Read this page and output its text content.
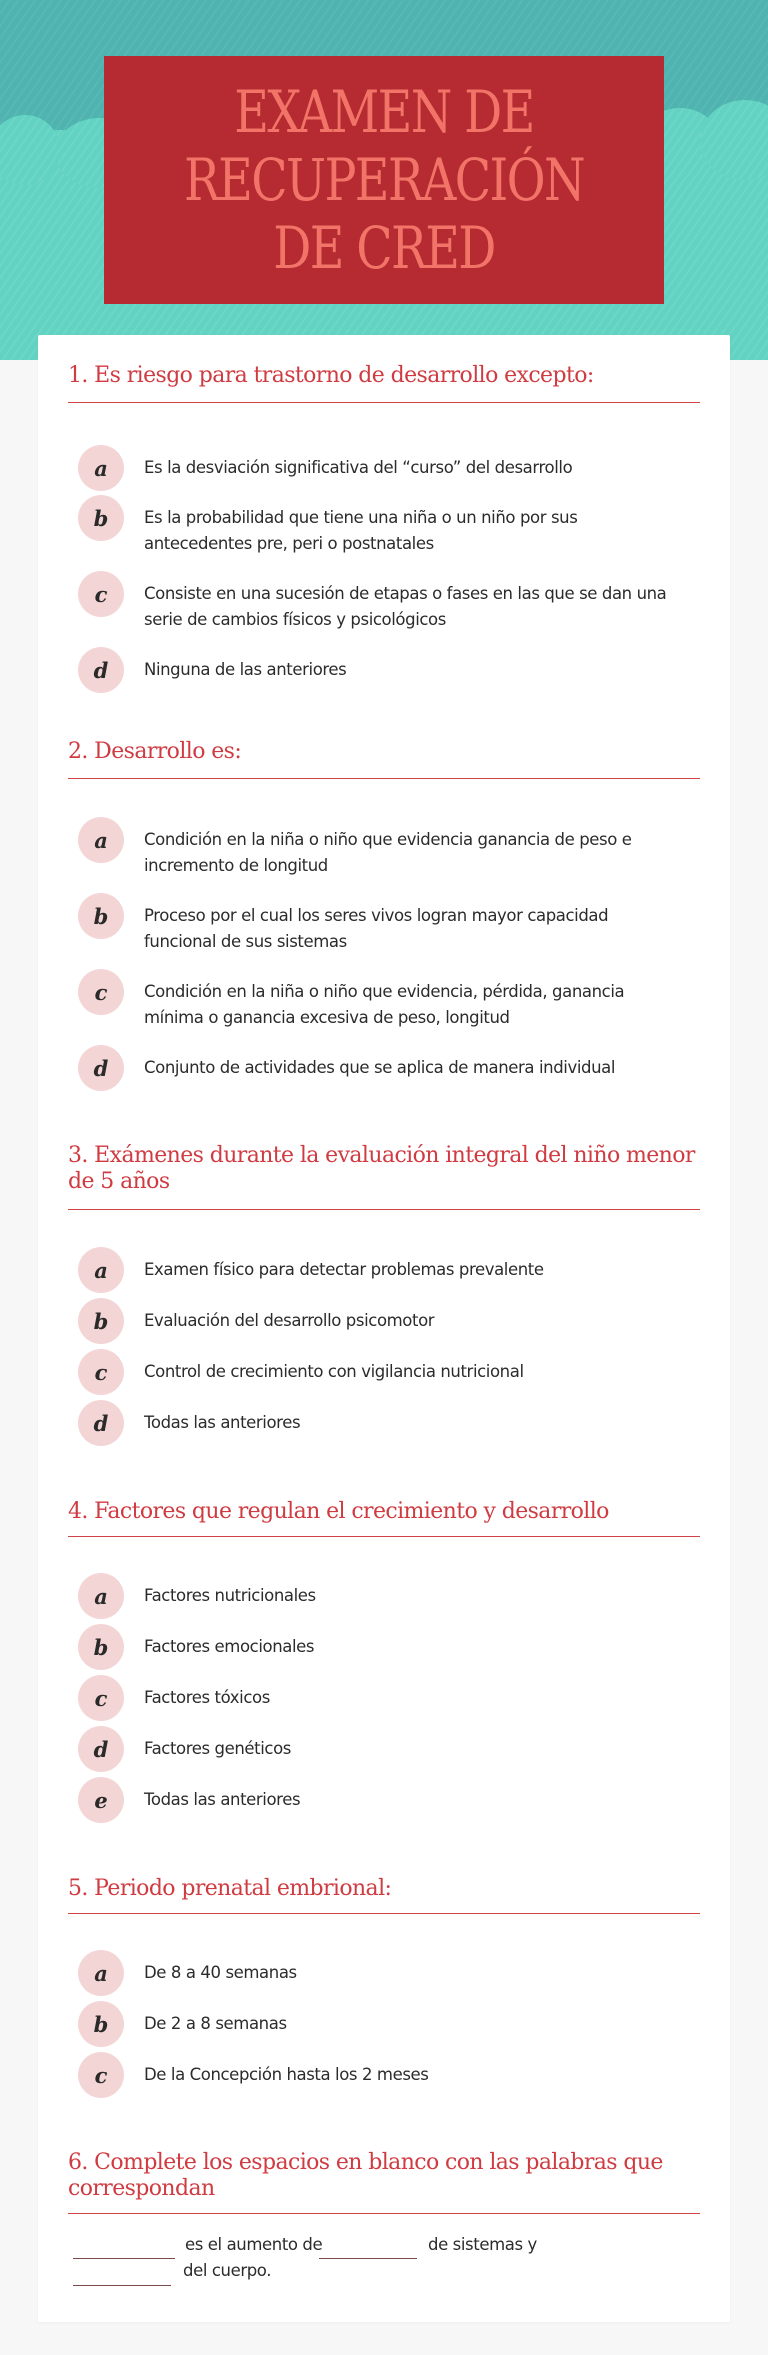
EXAMEN DE RECUPERACIÓN DE CRED
1. Es riesgo para trastorno de desarrollo excepto:
a Es la desviación significativa del “curso” del desarrollo
b Es la probabilidad que tiene una niña o un niño por sus antecedentes pre, peri o postnatales
c Consiste en una sucesión de etapas o fases en las que se dan una serie de cambios físicos y psicológicos
d Ninguna de las anteriores
2. Desarrollo es:
a Condición en la niña o niño que evidencia ganancia de peso e incremento de longitud
b Proceso por el cual los seres vivos logran mayor capacidad funcional de sus sistemas
c Condición en la niña o niño que evidencia, pérdida, ganancia mínima o ganancia excesiva de peso, longitud
d Conjunto de actividades que se aplica de manera individual
3. Exámenes durante la evaluación integral del niño menor de 5 años
a Examen físico para detectar problemas prevalente
b Evaluación del desarrollo psicomotor
c Control de crecimiento con vigilancia nutricional
d Todas las anteriores
4. Factores que regulan el crecimiento y desarrollo
a Factores nutricionales
b Factores emocionales
c Factores tóxicos
d Factores genéticos
e Todas las anteriores
5. Periodo prenatal embrional:
a De 8 a 40 semanas
b De 2 a 8 semanas
c De la Concepción hasta los 2 meses
6. Complete los espacios en blanco con las palabras que correspondan
es el aumento de	de sistemas y
del cuerpo.
